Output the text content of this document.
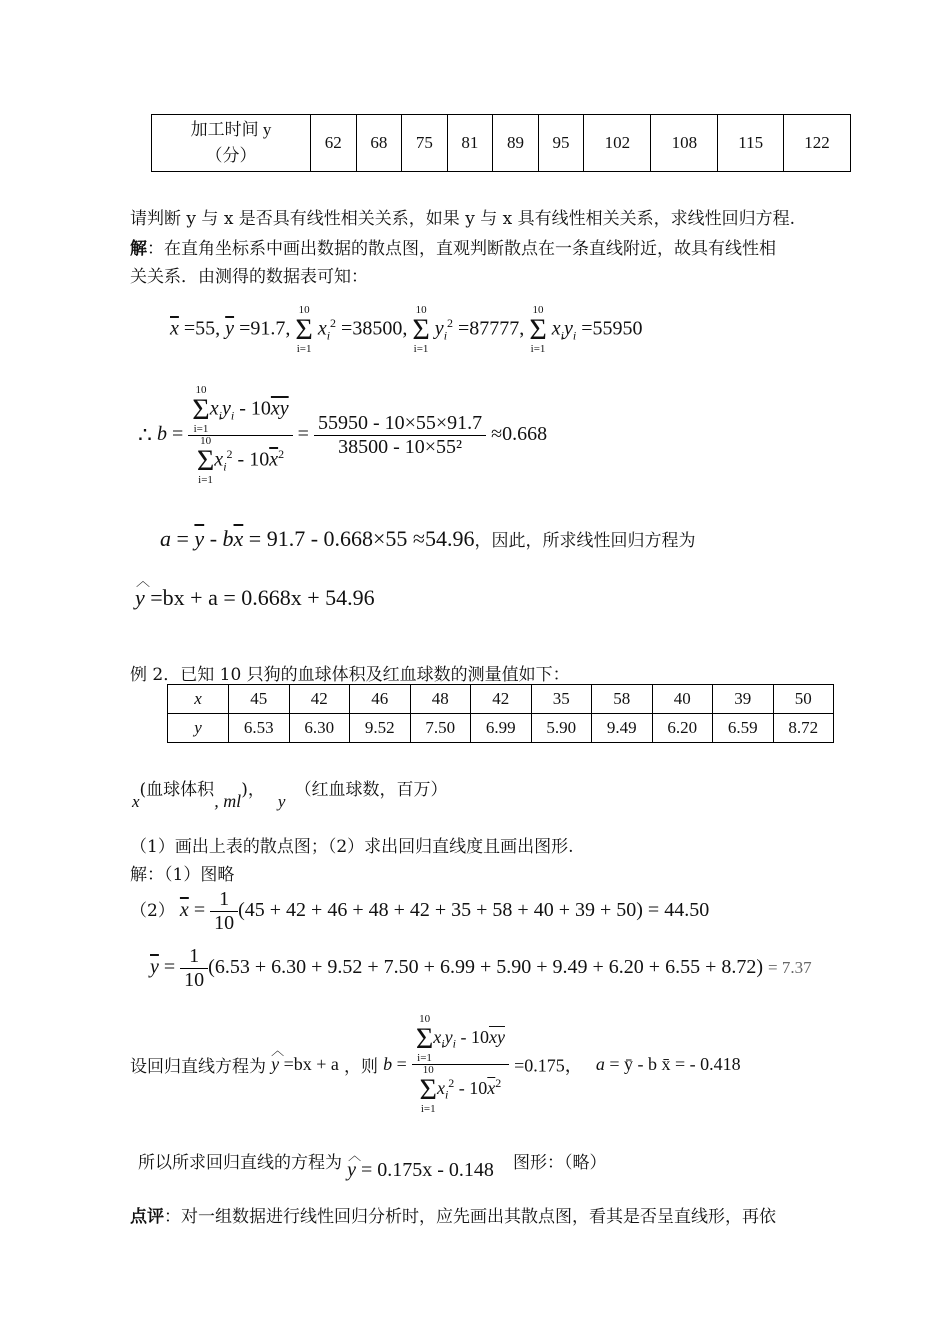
加工时间 y
（分）
	62	68	75	81	89	95	102	108	115	122
请判断 y 与 x 是否具有线性相关关系，如果 y 与 x 具有线性相关关系，求线性回归方程.
解：在直角坐标系中画出数据的散点图，直观判断散点在一条直线附近，故具有线性相
关关系．由测得的数据表可知：
$\overline{x} =55$, $\overline{y} =91.7$,
10
Σ
i=1
$x_i^2 =38500$,
10
Σ
i=1
$y_i^2 =87777$,
10
Σ
i=1
$x_iy_i =55950$
∴ b = 10
Σ
i=1
$x_iy_i - 10\overline{xy}$
10
Σ
i=1
$x_i^2 - 10\overline{x}^2 = \frac{55950 - 10\times 55\times 91.7}{\text{38500 - 10×55²}} \approx 0.668$
$a = \overline{y} - b\overline{x} = 91.7 - 0.668\times 55 \approx 54.96$，因此，所求线性回归方程为
︿
y =bx + a = 0.668x + 54.96
例 2．已知 10 只狗的血球体积及红血球数的测量值如下：
x	45	42	46	48	42	35	58	40	39	50
y	6.53	6.30	9.52	7.50	6.99	5.90	9.49	6.20	6.59	8.72
x(血球体积, ml)， y （红血球数，百万）
（1）画出上表的散点图；（2）求出回归直线度且画出图形.
解：（1）图略
（2） $\overline{x} = \frac{1}{10} (45 + 42 + 46 + 48 + 42 + 35 + 58 + 40 + 39 + 50) = 44.50$
$\overline{y} = \frac{1}{10} (6.53 + 6.30 + 9.52 + 7.50 + 6.99 + 5.90 + 9.49 + 6.20 + 6.55 + 8.72) = 7.37$
设回归直线方程为
︿
y =bx + a ，则 b = 10
Σ
i=1
$x_iy_i - 10\overline{xy}$
10
Σ
i=1
$x_i^2 - 10\overline{x}^2 =0.175$， a = ȳ - b x̄ = - 0.418
所以所求回归直线的方程为 ︿
y = 0.175x - 0.148 图形：（略）
点评：对一组数据进行线性回归分析时，应先画出其散点图，看其是否呈直线形，再依
